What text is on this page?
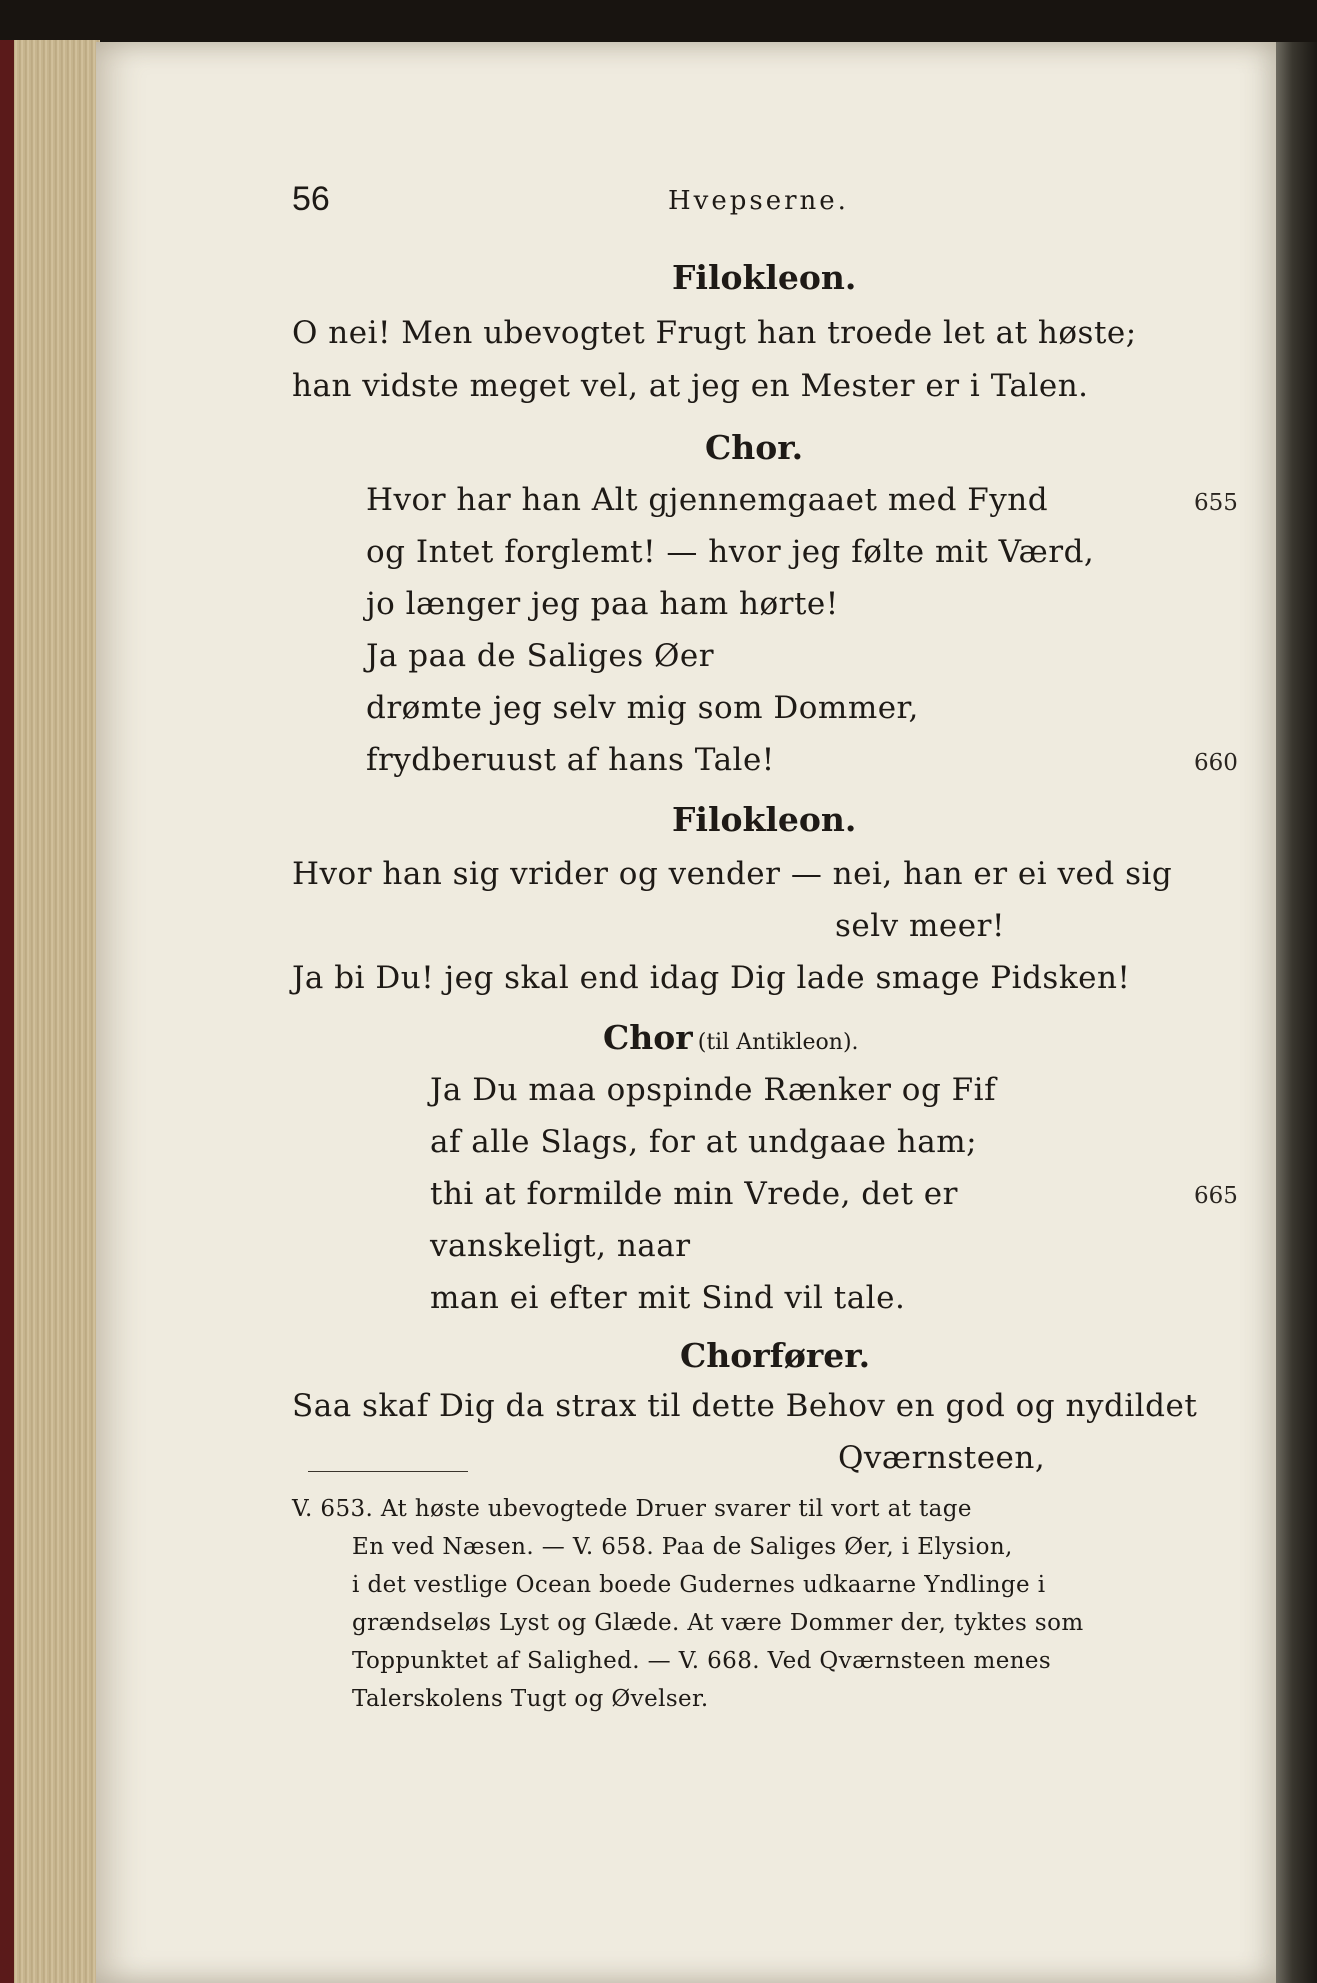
56	Hvepserne.
Filokleon.
O nei! Men ubevogtet Frugt han troede let at høste;
han vidste meget vel, at jeg en Mester er i Talen.
Chor.
Hvor har han Alt gjennemgaaet med Fynd	655
og Intet forglemt! — hvor jeg følte mit Værd,
jo længer jeg paa ham hørte!
Ja paa de Saliges Øer
drømte jeg selv mig som Dommer,
frydberuust af hans Tale!	660
Filokleon.
Hvor han sig vrider og vender — nei, han er ei ved sig
selv meer!
Ja bi Du! jeg skal end idag Dig lade smage Pidsken!
Chor (til Antikleon).
Ja Du maa opspinde Rænker og Fif
af alle Slags, for at undgaae ham;
thi at formilde min Vrede, det er	665
vanskeligt, naar
man ei efter mit Sind vil tale.
Chorfører.
Saa skaf Dig da strax til dette Behov en god og nydildet
Qværnsteen,
V. 653. At høste ubevogtede Druer svarer til vort at tage
En ved Næsen. — V. 658. Paa de Saliges Øer, i Elysion,
i det vestlige Ocean boede Gudernes udkaarne Yndlinge i
grændseløs Lyst og Glæde. At være Dommer der, tyktes som
Toppunktet af Salighed. — V. 668. Ved Qværnsteen menes
Talerskolens Tugt og Øvelser.
